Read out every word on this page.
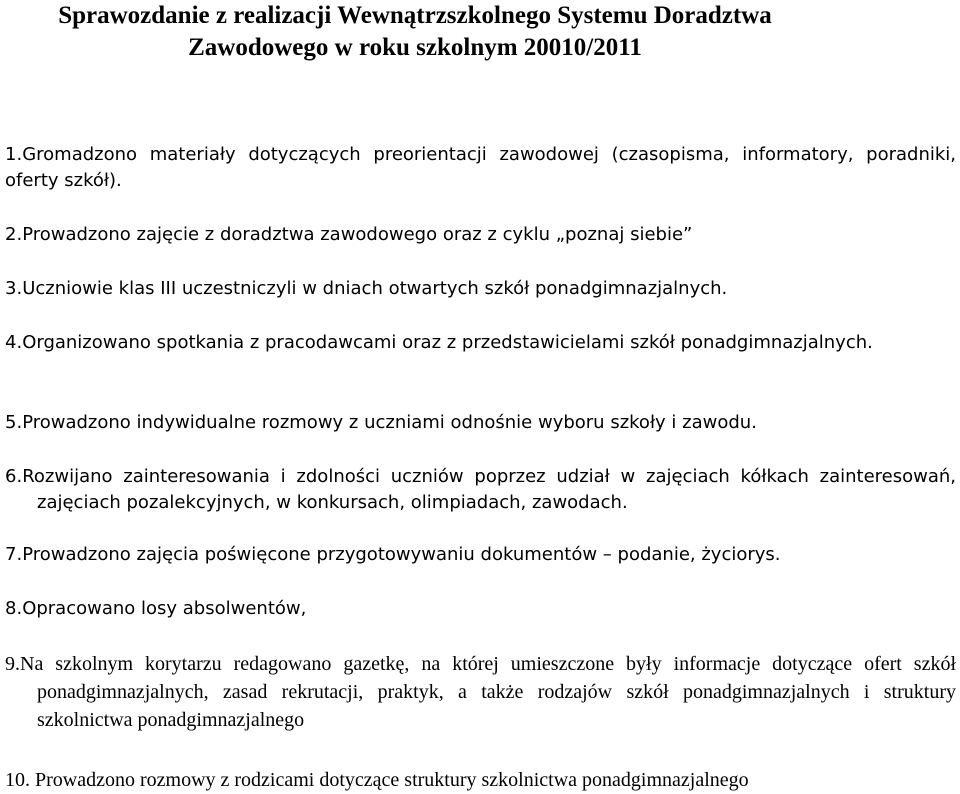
Sprawozdanie z realizacji Wewnątrzszkolnego Systemu Doradztwa
Zawodowego w roku szkolnym 20010/2011

1.Gromadzono materiały dotyczących preorientacji zawodowej (czasopisma, informatory, poradniki, oferty szkół).

2.Prowadzono zajęcie z doradztwa zawodowego oraz z cyklu „poznaj siebie”

3.Uczniowie klas III uczestniczyli w dniach otwartych szkół ponadgimnazjalnych.

4.Organizowano spotkania z pracodawcami oraz z przedstawicielami szkół ponadgimnazjalnych.

5.Prowadzono indywidualne rozmowy z uczniami odnośnie wyboru szkoły i zawodu.

6.Rozwijano zainteresowania i zdolności uczniów poprzez udział w zajęciach kółkach zainteresowań, zajęciach pozalekcyjnych, w konkursach, olimpiadach, zawodach.

7.Prowadzono zajęcia poświęcone przygotowywaniu dokumentów – podanie, życiorys.

8.Opracowano losy absolwentów,

9.Na szkolnym korytarzu redagowano gazetkę, na której umieszczone były informacje dotyczące ofert szkół ponadgimnazjalnych, zasad rekrutacji, praktyk, a także rodzajów szkół ponadgimnazjalnych i struktury szkolnictwa ponadgimnazjalnego

10. Prowadzono rozmowy z rodzicami dotyczące struktury szkolnictwa ponadgimnazjalnego
